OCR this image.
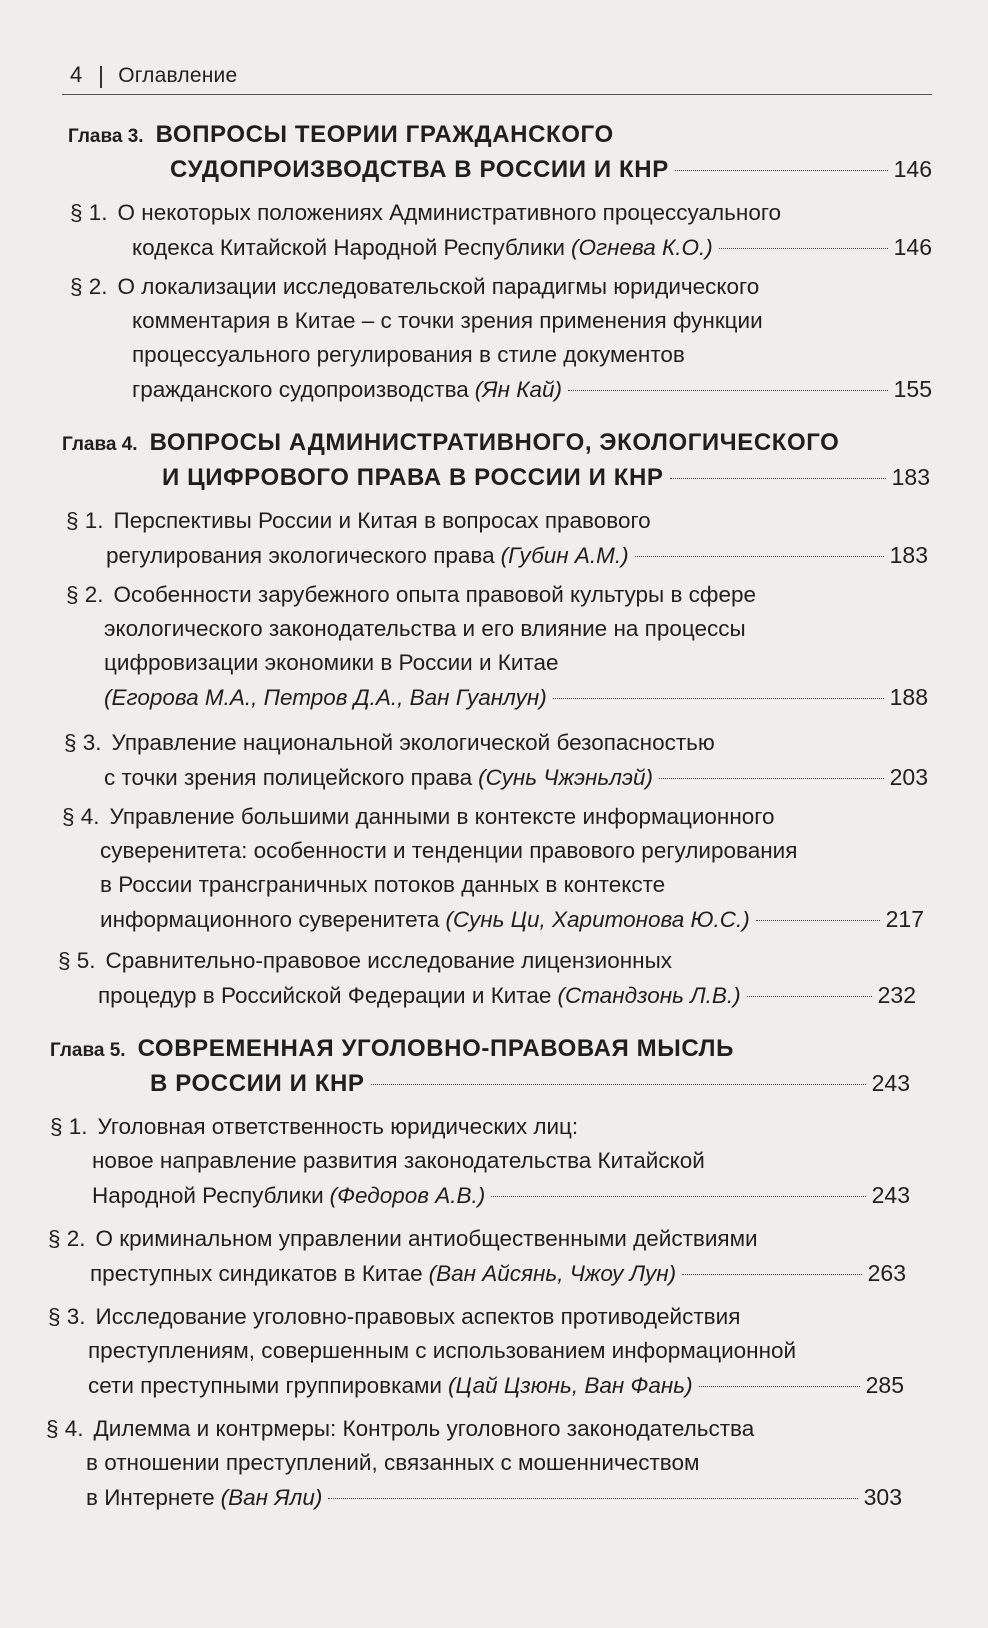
4 Оглавление
Глава 3. ВОПРОСЫ ТЕОРИИ ГРАЖДАНСКОГО
СУДОПРОИЗВОДСТВА В РОССИИ И КНР	146
§ 1. О некоторых положениях Административного процессуального
кодекса Китайской Народной Республики (Огнева К.О.)	146
§ 2. О локализации исследовательской парадигмы юридического
комментария в Китае – с точки зрения применения функции
процессуального регулирования в стиле документов
гражданского судопроизводства (Ян Кай)	155
Глава 4. ВОПРОСЫ АДМИНИСТРАТИВНОГО, ЭКОЛОГИЧЕСКОГО
И ЦИФРОВОГО ПРАВА В РОССИИ И КНР	183
§ 1. Перспективы России и Китая в вопросах правового
регулирования экологического права (Губин А.М.)	183
§ 2. Особенности зарубежного опыта правовой культуры в сфере
экологического законодательства и его влияние на процессы
цифровизации экономики в России и Китае
(Егорова М.А., Петров Д.А., Ван Гуанлун)	188
§ 3. Управление национальной экологической безопасностью
с точки зрения полицейского права (Сунь Чжэньлэй)	203
§ 4. Управление большими данными в контексте информационного
суверенитета: особенности и тенденции правового регулирования
в России трансграничных потоков данных в контексте
информационного суверенитета (Сунь Ци, Харитонова Ю.С.)	217
§ 5. Сравнительно-правовое исследование лицензионных
процедур в Российской Федерации и Китае (Стандзонь Л.В.)	232
Глава 5. СОВРЕМЕННАЯ УГОЛОВНО-ПРАВОВАЯ МЫСЛЬ
В РОССИИ И КНР	243
§ 1. Уголовная ответственность юридических лиц:
новое направление развития законодательства Китайской
Народной Республики (Федоров А.В.)	243
§ 2. О криминальном управлении антиобщественными действиями
преступных синдикатов в Китае (Ван Айсянь, Чжоу Лун)	263
§ 3. Исследование уголовно-правовых аспектов противодействия
преступлениям, совершенным с использованием информационной
сети преступными группировками (Цай Цзюнь, Ван Фань)	285
§ 4. Дилемма и контрмеры: Контроль уголовного законодательства
в отношении преступлений, связанных с мошенничеством
в Интернете (Ван Яли)	303
